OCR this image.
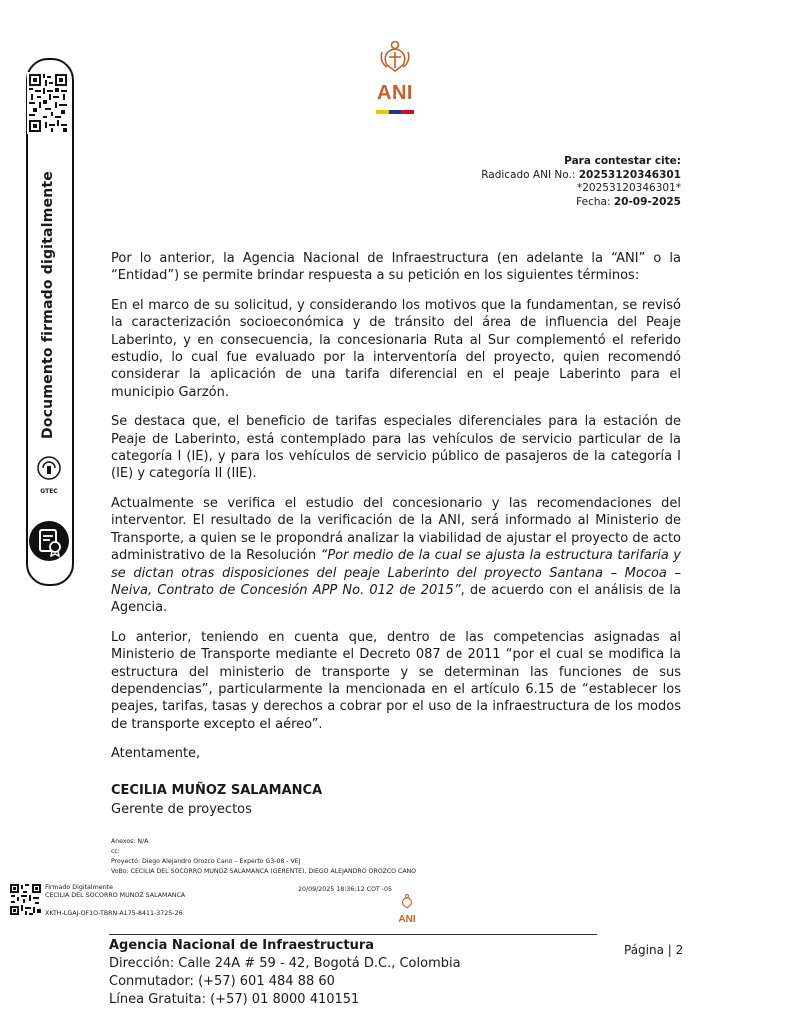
Documento firmado digitalmente
GTEC
ANI
Para contestar cite:
Radicado ANI No.: 20253120346301
*20253120346301*
Fecha: 20-09-2025

Por lo anterior, la Agencia Nacional de Infraestructura (en adelante la “ANI” o la “Entidad”) se permite brindar respuesta a su petición en los siguientes términos:

En el marco de su solicitud, y considerando los motivos que la fundamentan, se revisó la caracterización socioeconómica y de tránsito del área de influencia del Peaje Laberinto, y en consecuencia, la concesionaria Ruta al Sur complementó el referido estudio, lo cual fue evaluado por la interventoría del proyecto, quien recomendó considerar la aplicación de una tarifa diferencial en el peaje Laberinto para el municipio Garzón.

Se destaca que, el beneficio de tarifas especiales diferenciales para la estación de Peaje de Laberinto, está contemplado para las vehículos de servicio particular de la categoría I (IE), y para los vehículos de servicio público de pasajeros de la categoría I (IE) y categoría II (IIE).

Actualmente se verifica el estudio del concesionario y las recomendaciones del interventor. El resultado de la verificación de la ANI, será informado al Ministerio de Transporte, a quien se le propondrá analizar la viabilidad de ajustar el proyecto de acto administrativo de la Resolución “Por medio de la cual se ajusta la estructura tarifaria y se dictan otras disposiciones del peaje Laberinto del proyecto Santana – Mocoa – Neiva, Contrato de Concesión APP No. 012 de 2015”, de acuerdo con el análisis de la Agencia.

Lo anterior, teniendo en cuenta que, dentro de las competencias asignadas al Ministerio de Transporte mediante el Decreto 087 de 2011 “por el cual se modifica la estructura del ministerio de transporte y se determinan las funciones de sus dependencias”, particularmente la mencionada en el artículo 6.15 de “establecer los peajes, tarifas, tasas y derechos a cobrar por el uso de la infraestructura de los modos de transporte excepto el aéreo”.

Atentamente,

CECILIA MUÑOZ SALAMANCA
Gerente de proyectos
Anexos: N/A
cc:
Proyectó: Diego Alejandro Orozco Cano – Experto G3-08 - VEJ
VoBo: CECILIA DEL SOCORRO MUNOZ SALAMANCA (GERENTE), DIEGO ALEJANDRO OROZCO CANO
Firmado Digitalmente
CECILIA DEL SOCORRO MUNOZ SALAMANCA
XKTH-LGAJ-OF1O-TBRN-A175-8411-3725-26
20/09/2025 18:36:12 COT -05
ANI
Agencia Nacional de Infraestructura
Dirección: Calle 24A # 59 - 42, Bogotá D.C., Colombia
Conmutador: (+57) 601 484 88 60
Línea Gratuita: (+57) 01 8000 410151
Página | 2
